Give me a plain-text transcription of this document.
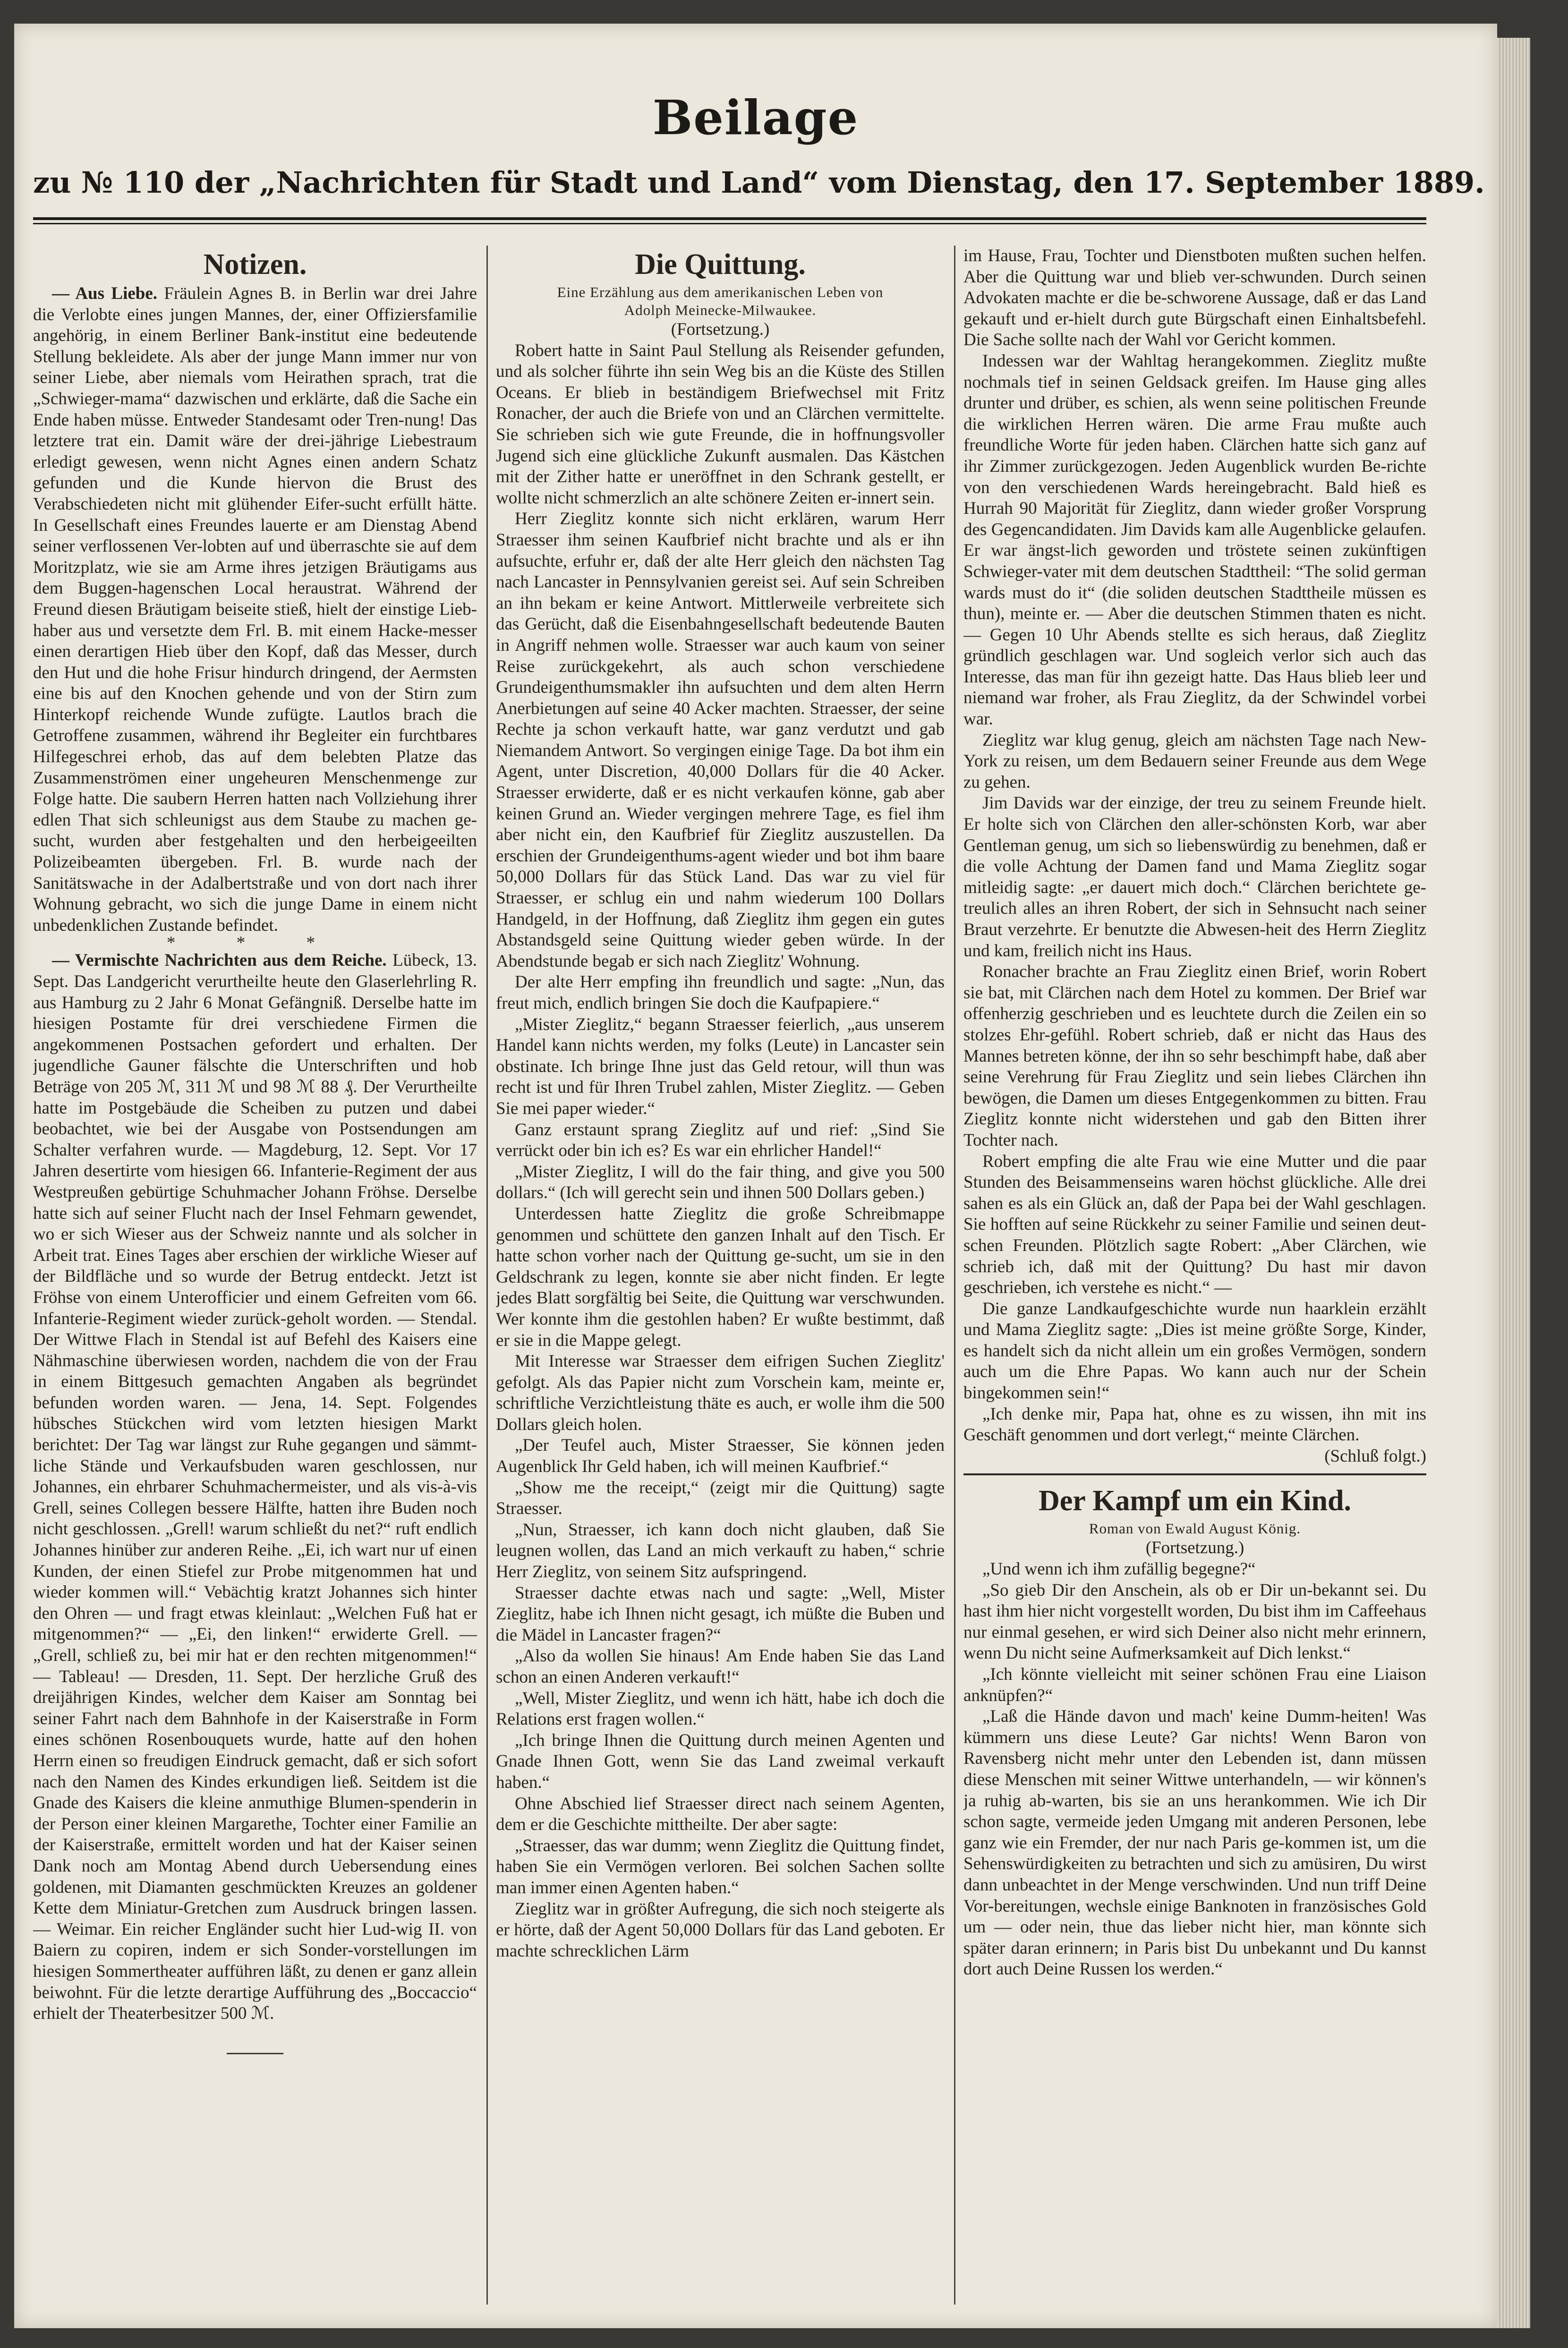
Beilage
zu № 110 der „Nachrichten für Stadt und Land“ vom Dienstag, den 17. September 1889.

Notizen.

— Aus Liebe. Fräulein Agnes B. in Berlin war drei Jahre die Verlobte eines jungen Mannes, der, einer Offiziersfamilie angehörig, in einem Berliner Bank-institut eine bedeutende Stellung bekleidete. Als aber der junge Mann immer nur von seiner Liebe, aber niemals vom Heirathen sprach, trat die „Schwieger-mama“ dazwischen und erklärte, daß die Sache ein Ende haben müsse. Entweder Standesamt oder Tren-nung! Das letztere trat ein. Damit wäre der drei-jährige Liebestraum erledigt gewesen, wenn nicht Agnes einen andern Schatz gefunden und die Kunde hiervon die Brust des Verabschiedeten nicht mit glühender Eifer-sucht erfüllt hätte. In Gesellschaft eines Freundes lauerte er am Dienstag Abend seiner verflossenen Ver-lobten auf und überraschte sie auf dem Moritzplatz, wie sie am Arme ihres jetzigen Bräutigams aus dem Buggen-hagenschen Local heraustrat. Während der Freund diesen Bräutigam beiseite stieß, hielt der einstige Lieb-haber aus und versetzte dem Frl. B. mit einem Hacke-messer einen derartigen Hieb über den Kopf, daß das Messer, durch den Hut und die hohe Frisur hindurch dringend, der Aermsten eine bis auf den Knochen gehende und von der Stirn zum Hinterkopf reichende Wunde zufügte. Lautlos brach die Getroffene zusammen, während ihr Begleiter ein furchtbares Hilfegeschrei erhob, das auf dem belebten Platze das Zusammenströmen einer ungeheuren Menschenmenge zur Folge hatte. Die saubern Herren hatten nach Vollziehung ihrer edlen That sich schleunigst aus dem Staube zu machen ge-sucht, wurden aber festgehalten und den herbeigeeilten Polizeibeamten übergeben. Frl. B. wurde nach der Sanitätswache in der Adalbertstraße und von dort nach ihrer Wohnung gebracht, wo sich die junge Dame in einem nicht unbedenklichen Zustande befindet.

* * *

— Vermischte Nachrichten aus dem Reiche. Lübeck, 13. Sept. Das Landgericht verurtheilte heute den Glaserlehrling R. aus Hamburg zu 2 Jahr 6 Monat Gefängniß. Derselbe hatte im hiesigen Postamte für drei verschiedene Firmen die angekommenen Postsachen gefordert und erhalten. Der jugendliche Gauner fälschte die Unterschriften und hob Beträge von 205 ℳ, 311 ℳ und 98 ℳ 88 ₰. Der Verurtheilte hatte im Postgebäude die Scheiben zu putzen und dabei beobachtet, wie bei der Ausgabe von Postsendungen am Schalter verfahren wurde. — Magdeburg, 12. Sept. Vor 17 Jahren desertirte vom hiesigen 66. Infanterie-Regiment der aus Westpreußen gebürtige Schuhmacher Johann Fröhse. Derselbe hatte sich auf seiner Flucht nach der Insel Fehmarn gewendet, wo er sich Wieser aus der Schweiz nannte und als solcher in Arbeit trat. Eines Tages aber erschien der wirkliche Wieser auf der Bildfläche und so wurde der Betrug entdeckt. Jetzt ist Fröhse von einem Unterofficier und einem Gefreiten vom 66. Infanterie-Regiment wieder zurück-geholt worden. — Stendal. Der Wittwe Flach in Stendal ist auf Befehl des Kaisers eine Nähmaschine überwiesen worden, nachdem die von der Frau in einem Bittgesuch gemachten Angaben als begründet befunden worden waren. — Jena, 14. Sept. Folgendes hübsches Stückchen wird vom letzten hiesigen Markt berichtet: Der Tag war längst zur Ruhe gegangen und sämmt-liche Stände und Verkaufsbuden waren geschlossen, nur Johannes, ein ehrbarer Schuhmachermeister, und als vis-à-vis Grell, seines Collegen bessere Hälfte, hatten ihre Buden noch nicht geschlossen. „Grell! warum schließt du net?“ ruft endlich Johannes hinüber zur anderen Reihe. „Ei, ich wart nur uf einen Kunden, der einen Stiefel zur Probe mitgenommen hat und wieder kommen will.“ Vebächtig kratzt Johannes sich hinter den Ohren — und fragt etwas kleinlaut: „Welchen Fuß hat er mitgenommen?“ — „Ei, den linken!“ erwiderte Grell. — „Grell, schließ zu, bei mir hat er den rechten mitgenommen!“ — Tableau! — Dresden, 11. Sept. Der herzliche Gruß des dreijährigen Kindes, welcher dem Kaiser am Sonntag bei seiner Fahrt nach dem Bahnhofe in der Kaiserstraße in Form eines schönen Rosenbouquets wurde, hatte auf den hohen Herrn einen so freudigen Eindruck gemacht, daß er sich sofort nach den Namen des Kindes erkundigen ließ. Seitdem ist die Gnade des Kaisers die kleine anmuthige Blumen-spenderin in der Person einer kleinen Margarethe, Tochter einer Familie an der Kaiserstraße, ermittelt worden und hat der Kaiser seinen Dank noch am Montag Abend durch Uebersendung eines goldenen, mit Diamanten geschmückten Kreuzes an goldener Kette dem Miniatur-Gretchen zum Ausdruck bringen lassen. — Weimar. Ein reicher Engländer sucht hier Lud-wig II. von Baiern zu copiren, indem er sich Sonder-vorstellungen im hiesigen Sommertheater aufführen läßt, zu denen er ganz allein beiwohnt. Für die letzte derartige Aufführung des „Boccaccio“ erhielt der Theaterbesitzer 500 ℳ.

Die Quittung.

Eine Erzählung aus dem amerikanischen Leben von

Adolph Meinecke-Milwaukee.

(Fortsetzung.)

Robert hatte in Saint Paul Stellung als Reisender gefunden, und als solcher führte ihn sein Weg bis an die Küste des Stillen Oceans. Er blieb in beständigem Briefwechsel mit Fritz Ronacher, der auch die Briefe von und an Clärchen vermittelte. Sie schrieben sich wie gute Freunde, die in hoffnungsvoller Jugend sich eine glückliche Zukunft ausmalen. Das Kästchen mit der Zither hatte er uneröffnet in den Schrank gestellt, er wollte nicht schmerzlich an alte schönere Zeiten er-innert sein.

Herr Zieglitz konnte sich nicht erklären, warum Herr Straesser ihm seinen Kaufbrief nicht brachte und als er ihn aufsuchte, erfuhr er, daß der alte Herr gleich den nächsten Tag nach Lancaster in Pennsylvanien gereist sei. Auf sein Schreiben an ihn bekam er keine Antwort. Mittlerweile verbreitete sich das Gerücht, daß die Eisenbahngesellschaft bedeutende Bauten in Angriff nehmen wolle. Straesser war auch kaum von seiner Reise zurückgekehrt, als auch schon verschiedene Grundeigenthumsmakler ihn aufsuchten und dem alten Herrn Anerbietungen auf seine 40 Acker machten. Straesser, der seine Rechte ja schon verkauft hatte, war ganz verdutzt und gab Niemandem Antwort. So vergingen einige Tage. Da bot ihm ein Agent, unter Discretion, 40,000 Dollars für die 40 Acker. Straesser erwiderte, daß er es nicht verkaufen könne, gab aber keinen Grund an. Wieder vergingen mehrere Tage, es fiel ihm aber nicht ein, den Kaufbrief für Zieglitz auszustellen. Da erschien der Grundeigenthums-agent wieder und bot ihm baare 50,000 Dollars für das Stück Land. Das war zu viel für Straesser, er schlug ein und nahm wiederum 100 Dollars Handgeld, in der Hoffnung, daß Zieglitz ihm gegen ein gutes Abstandsgeld seine Quittung wieder geben würde. In der Abendstunde begab er sich nach Zieglitz' Wohnung.

Der alte Herr empfing ihn freundlich und sagte: „Nun, das freut mich, endlich bringen Sie doch die Kaufpapiere.“

„Mister Zieglitz,“ begann Straesser feierlich, „aus unserem Handel kann nichts werden, my folks (Leute) in Lancaster sein obstinate. Ich bringe Ihne just das Geld retour, will thun was recht ist und für Ihren Trubel zahlen, Mister Zieglitz. — Geben Sie mei paper wieder.“

Ganz erstaunt sprang Zieglitz auf und rief: „Sind Sie verrückt oder bin ich es? Es war ein ehrlicher Handel!“

„Mister Zieglitz, I will do the fair thing, and give you 500 dollars.“ (Ich will gerecht sein und ihnen 500 Dollars geben.)

Unterdessen hatte Zieglitz die große Schreibmappe genommen und schüttete den ganzen Inhalt auf den Tisch. Er hatte schon vorher nach der Quittung ge-sucht, um sie in den Geldschrank zu legen, konnte sie aber nicht finden. Er legte jedes Blatt sorgfältig bei Seite, die Quittung war verschwunden. Wer konnte ihm die gestohlen haben? Er wußte bestimmt, daß er sie in die Mappe gelegt.

Mit Interesse war Straesser dem eifrigen Suchen Zieglitz' gefolgt. Als das Papier nicht zum Vorschein kam, meinte er, schriftliche Verzichtleistung thäte es auch, er wolle ihm die 500 Dollars gleich holen.

„Der Teufel auch, Mister Straesser, Sie können jeden Augenblick Ihr Geld haben, ich will meinen Kaufbrief.“

„Show me the receipt,“ (zeigt mir die Quittung) sagte Straesser.

„Nun, Straesser, ich kann doch nicht glauben, daß Sie leugnen wollen, das Land an mich verkauft zu haben,“ schrie Herr Zieglitz, von seinem Sitz aufspringend.

Straesser dachte etwas nach und sagte: „Well, Mister Zieglitz, habe ich Ihnen nicht gesagt, ich müßte die Buben und die Mädel in Lancaster fragen?“

„Also da wollen Sie hinaus! Am Ende haben Sie das Land schon an einen Anderen verkauft!“

„Well, Mister Zieglitz, und wenn ich hätt, habe ich doch die Relations erst fragen wollen.“

„Ich bringe Ihnen die Quittung durch meinen Agenten und Gnade Ihnen Gott, wenn Sie das Land zweimal verkauft haben.“

Ohne Abschied lief Straesser direct nach seinem Agenten, dem er die Geschichte mittheilte. Der aber sagte:

„Straesser, das war dumm; wenn Zieglitz die Quittung findet, haben Sie ein Vermögen verloren. Bei solchen Sachen sollte man immer einen Agenten haben.“

Zieglitz war in größter Aufregung, die sich noch steigerte als er hörte, daß der Agent 50,000 Dollars für das Land geboten. Er machte schrecklichen Lärm

im Hause, Frau, Tochter und Dienstboten mußten suchen helfen. Aber die Quittung war und blieb ver-schwunden. Durch seinen Advokaten machte er die be-schworene Aussage, daß er das Land gekauft und er-hielt durch gute Bürgschaft einen Einhaltsbefehl. Die Sache sollte nach der Wahl vor Gericht kommen.

Indessen war der Wahltag herangekommen. Zieglitz mußte nochmals tief in seinen Geldsack greifen. Im Hause ging alles drunter und drüber, es schien, als wenn seine politischen Freunde die wirklichen Herren wären. Die arme Frau mußte auch freundliche Worte für jeden haben. Clärchen hatte sich ganz auf ihr Zimmer zurückgezogen. Jeden Augenblick wurden Be-richte von den verschiedenen Wards hereingebracht. Bald hieß es Hurrah 90 Majorität für Zieglitz, dann wieder großer Vorsprung des Gegencandidaten. Jim Davids kam alle Augenblicke gelaufen. Er war ängst-lich geworden und tröstete seinen zukünftigen Schwieger-vater mit dem deutschen Stadttheil: “The solid german wards must do it“ (die soliden deutschen Stadttheile müssen es thun), meinte er. — Aber die deutschen Stimmen thaten es nicht. — Gegen 10 Uhr Abends stellte es sich heraus, daß Zieglitz gründlich geschlagen war. Und sogleich verlor sich auch das Interesse, das man für ihn gezeigt hatte. Das Haus blieb leer und niemand war froher, als Frau Zieglitz, da der Schwindel vorbei war.

Zieglitz war klug genug, gleich am nächsten Tage nach New-York zu reisen, um dem Bedauern seiner Freunde aus dem Wege zu gehen.

Jim Davids war der einzige, der treu zu seinem Freunde hielt. Er holte sich von Clärchen den aller-schönsten Korb, war aber Gentleman genug, um sich so liebenswürdig zu benehmen, daß er die volle Achtung der Damen fand und Mama Zieglitz sogar mitleidig sagte: „er dauert mich doch.“ Clärchen berichtete ge-treulich alles an ihren Robert, der sich in Sehnsucht nach seiner Braut verzehrte. Er benutzte die Abwesen-heit des Herrn Zieglitz und kam, freilich nicht ins Haus.

Ronacher brachte an Frau Zieglitz einen Brief, worin Robert sie bat, mit Clärchen nach dem Hotel zu kommen. Der Brief war offenherzig geschrieben und es leuchtete durch die Zeilen ein so stolzes Ehr-gefühl. Robert schrieb, daß er nicht das Haus des Mannes betreten könne, der ihn so sehr beschimpft habe, daß aber seine Verehrung für Frau Zieglitz und sein liebes Clärchen ihn bewögen, die Damen um dieses Entgegenkommen zu bitten. Frau Zieglitz konnte nicht widerstehen und gab den Bitten ihrer Tochter nach.

Robert empfing die alte Frau wie eine Mutter und die paar Stunden des Beisammenseins waren höchst glückliche. Alle drei sahen es als ein Glück an, daß der Papa bei der Wahl geschlagen. Sie hofften auf seine Rückkehr zu seiner Familie und seinen deut-schen Freunden. Plötzlich sagte Robert: „Aber Clärchen, wie schrieb ich, daß mit der Quittung? Du hast mir davon geschrieben, ich verstehe es nicht.“ —

Die ganze Landkaufgeschichte wurde nun haarklein erzählt und Mama Zieglitz sagte: „Dies ist meine größte Sorge, Kinder, es handelt sich da nicht allein um ein großes Vermögen, sondern auch um die Ehre Papas. Wo kann auch nur der Schein bingekommen sein!“

„Ich denke mir, Papa hat, ohne es zu wissen, ihn mit ins Geschäft genommen und dort verlegt,“ meinte Clärchen.

(Schluß folgt.)

Der Kampf um ein Kind.

Roman von Ewald August König.

(Fortsetzung.)

„Und wenn ich ihm zufällig begegne?“

„So gieb Dir den Anschein, als ob er Dir un-bekannt sei. Du hast ihm hier nicht vorgestellt worden, Du bist ihm im Caffeehaus nur einmal gesehen, er wird sich Deiner also nicht mehr erinnern, wenn Du nicht seine Aufmerksamkeit auf Dich lenkst.“

„Ich könnte vielleicht mit seiner schönen Frau eine Liaison anknüpfen?“

„Laß die Hände davon und mach' keine Dumm-heiten! Was kümmern uns diese Leute? Gar nichts! Wenn Baron von Ravensberg nicht mehr unter den Lebenden ist, dann müssen diese Menschen mit seiner Wittwe unterhandeln, — wir können's ja ruhig ab-warten, bis sie an uns herankommen. Wie ich Dir schon sagte, vermeide jeden Umgang mit anderen Personen, lebe ganz wie ein Fremder, der nur nach Paris ge-kommen ist, um die Sehenswürdigkeiten zu betrachten und sich zu amüsiren, Du wirst dann unbeachtet in der Menge verschwinden. Und nun triff Deine Vor-bereitungen, wechsle einige Banknoten in französisches Gold um — oder nein, thue das lieber nicht hier, man könnte sich später daran erinnern; in Paris bist Du unbekannt und Du kannst dort auch Deine Russen los werden.“
